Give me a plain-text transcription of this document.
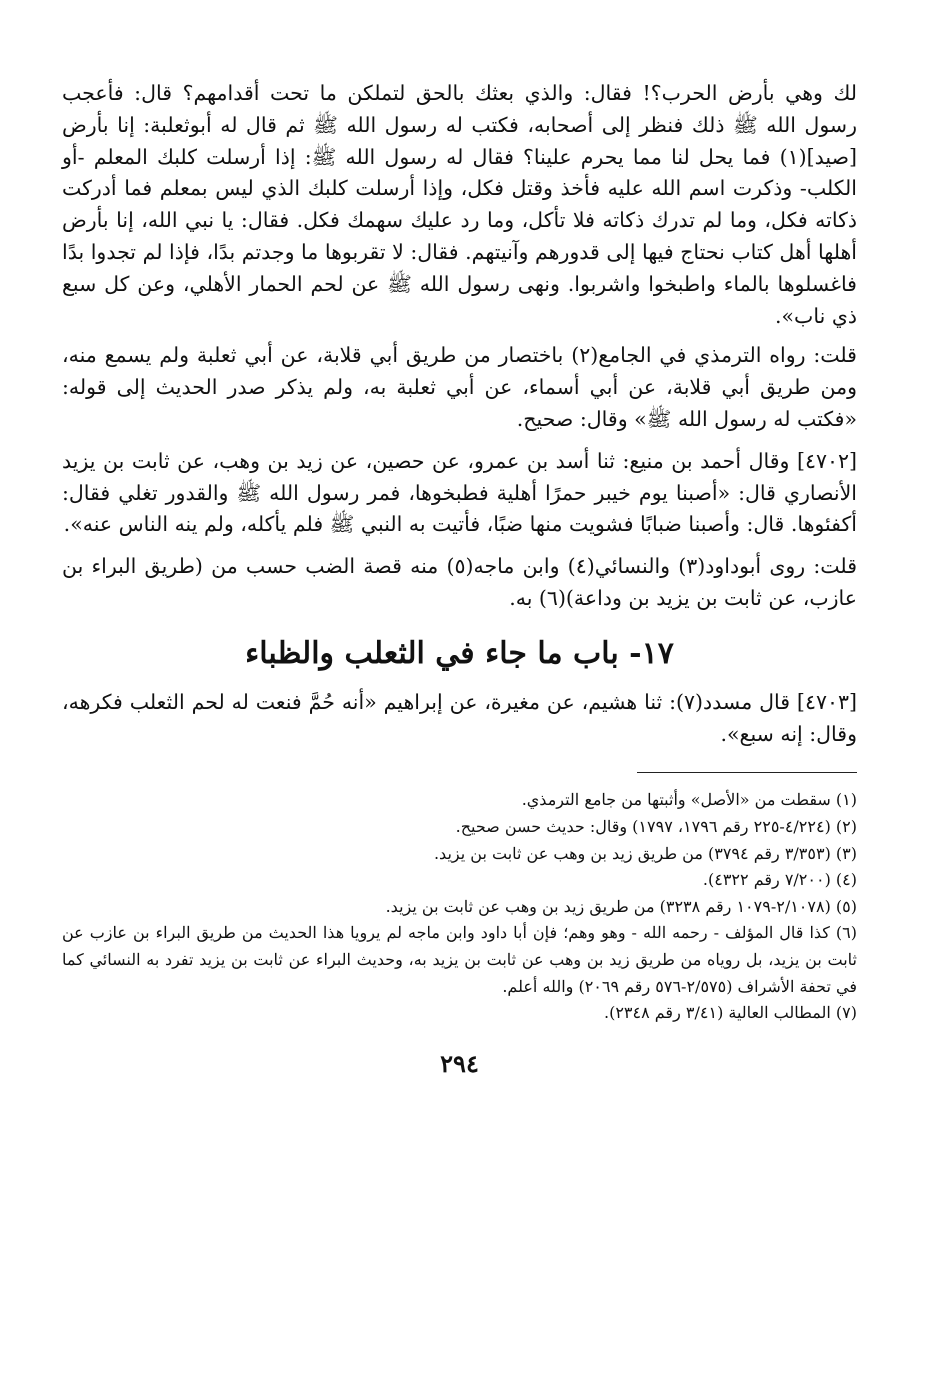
لك وهي بأرض الحرب؟! فقال: والذي بعثك بالحق لتملكن ما تحت أقدامهم؟ قال: فأعجب رسول الله ﷺ ذلك فنظر إلى أصحابه، فكتب له رسول الله ﷺ ثم قال له أبوثعلبة: إنا بأرض [صيد](١) فما يحل لنا مما يحرم علينا؟ فقال له رسول الله ﷺ: إذا أرسلت كلبك المعلم -أو الكلب- وذكرت اسم الله عليه فأخذ وقتل فكل، وإذا أرسلت كلبك الذي ليس بمعلم فما أدركت ذكاته فكل، وما لم تدرك ذكاته فلا تأكل، وما رد عليك سهمك فكل. فقال: يا نبي الله، إنا بأرض أهلها أهل كتاب نحتاج فيها إلى قدورهم وآنيتهم. فقال: لا تقربوها ما وجدتم بدًا، فإذا لم تجدوا بدًا فاغسلوها بالماء واطبخوا واشربوا. ونهى رسول الله ﷺ عن لحم الحمار الأهلي، وعن كل سبع ذي ناب».

قلت: رواه الترمذي في الجامع(٢) باختصار من طريق أبي قلابة، عن أبي ثعلبة ولم يسمع منه، ومن طريق أبي قلابة، عن أبي أسماء، عن أبي ثعلبة به، ولم يذكر صدر الحديث إلى قوله: «فكتب له رسول الله ﷺ» وقال: صحيح.

[٤٧٠٢] وقال أحمد بن منيع: ثنا أسد بن عمرو، عن حصين، عن زيد بن وهب، عن ثابت بن يزيد الأنصاري قال: «أصبنا يوم خيبر حمرًا أهلية فطبخوها، فمر رسول الله ﷺ والقدور تغلي فقال: أكفئوها. قال: وأصبنا ضبابًا فشويت منها ضبًا، فأتيت به النبي ﷺ فلم يأكله، ولم ينه الناس عنه».

قلت: روى أبوداود(٣) والنسائي(٤) وابن ماجه(٥) منه قصة الضب حسب من (طريق البراء بن عازب، عن ثابت بن يزيد بن وداعة)(٦) به.

١٧- باب ما جاء في الثعلب والظباء

[٤٧٠٣] قال مسدد(٧): ثنا هشيم، عن مغيرة، عن إبراهيم «أنه حُمَّ فنعت له لحم الثعلب فكرهه، وقال: إنه سبع».

(١) سقطت من «الأصل» وأثبتها من جامع الترمذي.
(٢) (٤/٢٢٤-٢٢٥ رقم ١٧٩٦، ١٧٩٧) وقال: حديث حسن صحيح.
(٣) (٣/٣٥٣ رقم ٣٧٩٤) من طريق زيد بن وهب عن ثابت بن يزيد.
(٤) (٧/٢٠٠ رقم ٤٣٢٢).
(٥) (٢/١٠٧٨-١٠٧٩ رقم ٣٢٣٨) من طريق زيد بن وهب عن ثابت بن يزيد.
(٦) كذا قال المؤلف - رحمه الله - وهو وهم؛ فإن أبا داود وابن ماجه لم يرويا هذا الحديث من طريق البراء بن عازب عن ثابت بن يزيد، بل روياه من طريق زيد بن وهب عن ثابت بن يزيد به، وحديث البراء عن ثابت بن يزيد تفرد به النسائي كما في تحفة الأشراف (٢/٥٧٥-٥٧٦ رقم ٢٠٦٩) والله أعلم.
(٧) المطالب العالية (٣/٤١ رقم ٢٣٤٨).
٢٩٤
